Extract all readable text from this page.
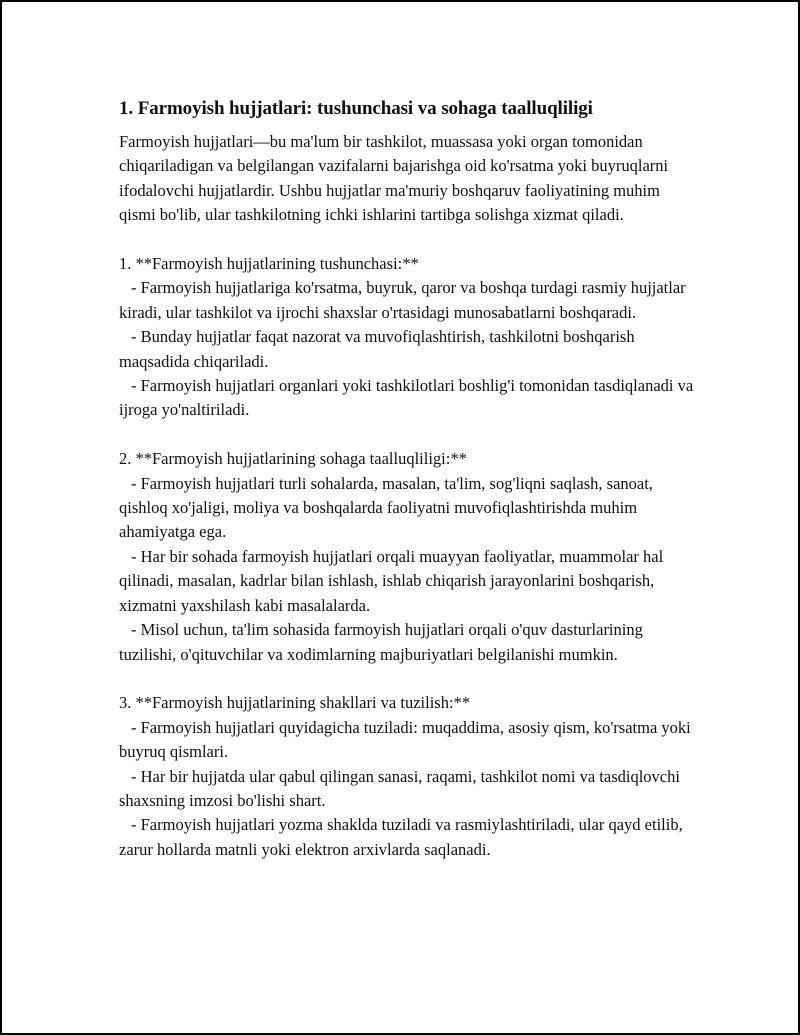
1. Farmoyish hujjatlari: tushunchasi va sohaga taalluqliligi

Farmoyish hujjatlari—bu ma'lum bir tashkilot, muassasa yoki organ tomonidan chiqariladigan va belgilangan vazifalarni bajarishga oid ko'rsatma yoki buyruqlarni ifodalovchi hujjatlardir. Ushbu hujjatlar ma'muriy boshqaruv faoliyatining muhim qismi bo'lib, ular tashkilotning ichki ishlarini tartibga solishga xizmat qiladi.

1. **Farmoyish hujjatlarining tushunchasi:**

- Farmoyish hujjatlariga ko'rsatma, buyruk, qaror va boshqa turdagi rasmiy hujjatlar kiradi, ular tashkilot va ijrochi shaxslar o'rtasidagi munosabatlarni boshqaradi.

- Bunday hujjatlar faqat nazorat va muvofiqlashtirish, tashkilotni boshqarish maqsadida chiqariladi.

- Farmoyish hujjatlari organlari yoki tashkilotlari boshlig'i tomonidan tasdiqlanadi va ijroga yo'naltiriladi.

2. **Farmoyish hujjatlarining sohaga taalluqliligi:**

- Farmoyish hujjatlari turli sohalarda, masalan, ta'lim, sog'liqni saqlash, sanoat, qishloq xo'jaligi, moliya va boshqalarda faoliyatni muvofiqlashtirishda muhim ahamiyatga ega.

- Har bir sohada farmoyish hujjatlari orqali muayyan faoliyatlar, muammolar hal qilinadi, masalan, kadrlar bilan ishlash, ishlab chiqarish jarayonlarini boshqarish, xizmatni yaxshilash kabi masalalarda.

- Misol uchun, ta'lim sohasida farmoyish hujjatlari orqali o'quv dasturlarining tuzilishi, o'qituvchilar va xodimlarning majburiyatlari belgilanishi mumkin.

3. **Farmoyish hujjatlarining shakllari va tuzilish:**

- Farmoyish hujjatlari quyidagicha tuziladi: muqaddima, asosiy qism, ko'rsatma yoki buyruq qismlari.

- Har bir hujjatda ular qabul qilingan sanasi, raqami, tashkilot nomi va tasdiqlovchi shaxsning imzosi bo'lishi shart.

- Farmoyish hujjatlari yozma shaklda tuziladi va rasmiylashtiriladi, ular qayd etilib, zarur hollarda matnli yoki elektron arxivlarda saqlanadi.
